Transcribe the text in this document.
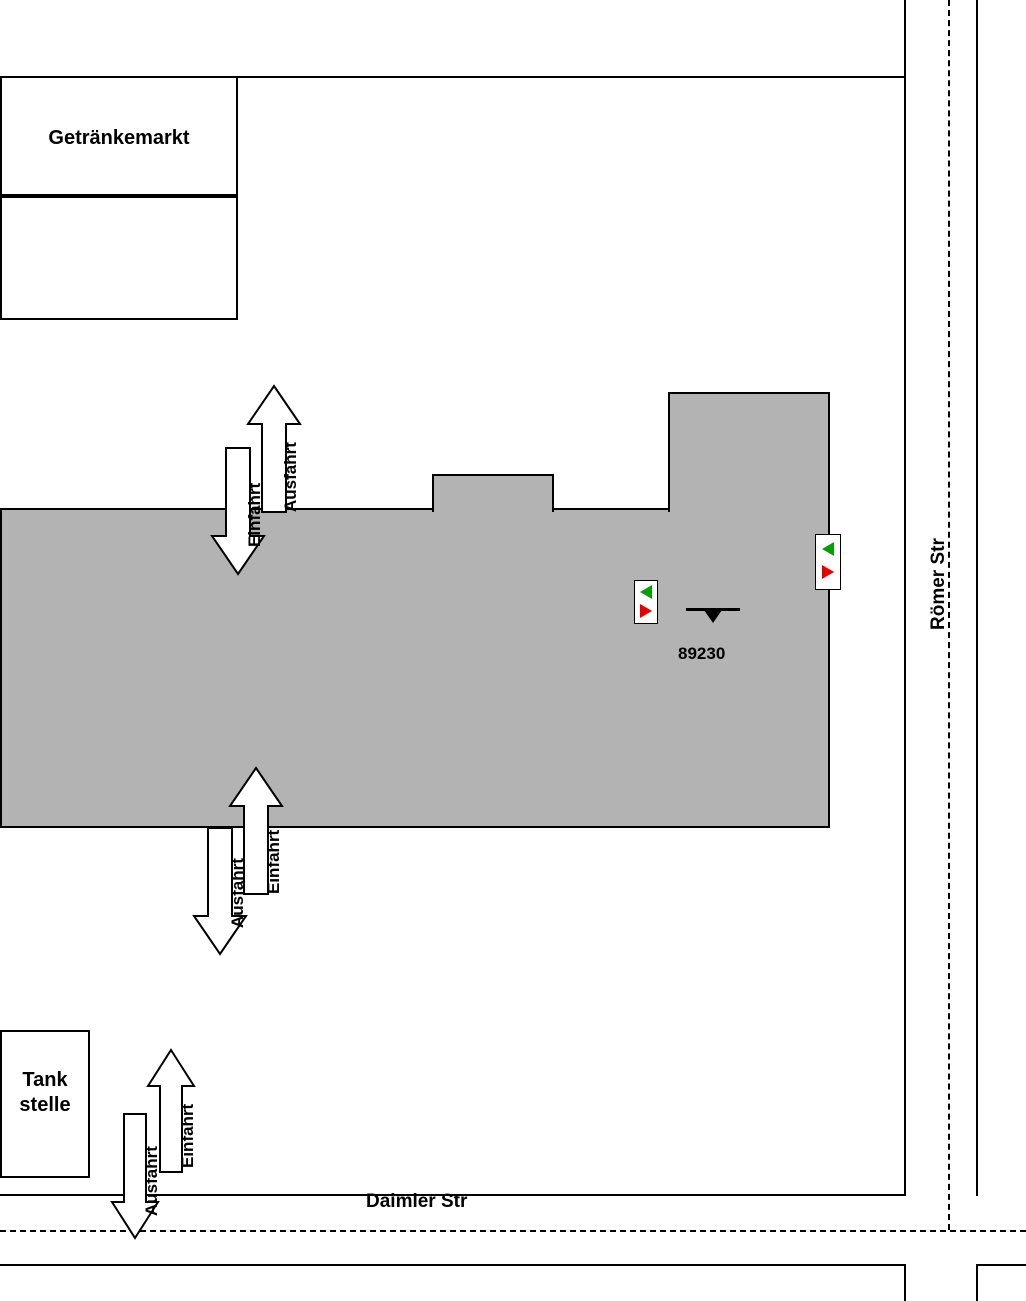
Getränkemarkt
Tank
stelle
Römer Str
Daimler Str
Ausfahrt
Einfahrt
Einfahrt
Ausfahrt
Einfahrt
Ausfahrt
89230
